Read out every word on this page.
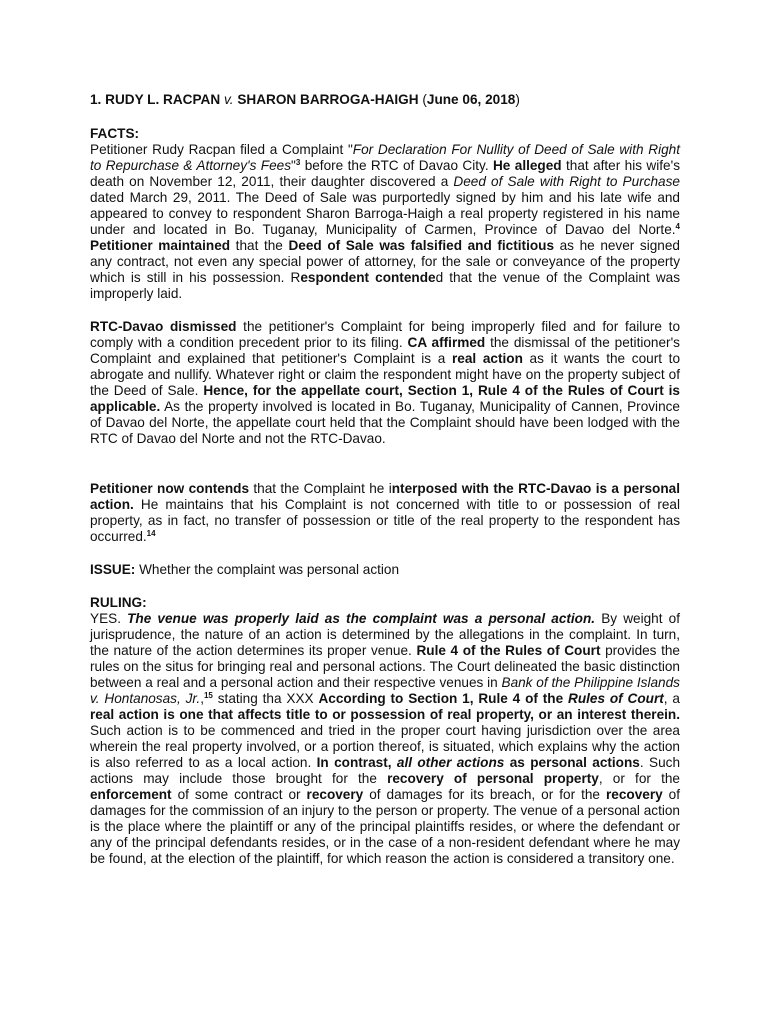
1. RUDY L. RACPAN v. SHARON BARROGA-HAIGH (June 06, 2018)

FACTS:

Petitioner Rudy Racpan filed a Complaint "For Declaration For Nullity of Deed of Sale with Right to Repurchase & Attorney's Fees"$^3$ before the RTC of Davao City. He alleged that after his wife's death on November 12, 2011, their daughter discovered a Deed of Sale with Right to Purchase dated March 29, 2011. The Deed of Sale was purportedly signed by him and his late wife and appeared to convey to respondent Sharon Barroga-Haigh a real property registered in his name under and located in Bo. Tuganay, Municipality of Carmen, Province of Davao del Norte.$^4$ Petitioner maintained that the Deed of Sale was falsified and fictitious as he never signed any contract, not even any special power of attorney, for the sale or conveyance of the property which is still in his possession. Respondent contended that the venue of the Complaint was improperly laid.

RTC-Davao dismissed the petitioner's Complaint for being improperly filed and for failure to comply with a condition precedent prior to its filing. CA affirmed the dismissal of the petitioner's Complaint and explained that petitioner's Complaint is a real action as it wants the court to abrogate and nullify. Whatever right or claim the respondent might have on the property subject of the Deed of Sale. Hence, for the appellate court, Section 1, Rule 4 of the Rules of Court is applicable. As the property involved is located in Bo. Tuganay, Municipality of Cannen, Province of Davao del Norte, the appellate court held that the Complaint should have been lodged with the RTC of Davao del Norte and not the RTC-Davao.

Petitioner now contends that the Complaint he interposed with the RTC-Davao is a personal action. He maintains that his Complaint is not concerned with title to or possession of real property, as in fact, no transfer of possession or title of the real property to the respondent has occurred.$^{14}$

ISSUE: Whether the complaint was personal action

RULING:

YES. The venue was properly laid as the complaint was a personal action. By weight of jurisprudence, the nature of an action is determined by the allegations in the complaint. In turn, the nature of the action determines its proper venue. Rule 4 of the Rules of Court provides the rules on the situs for bringing real and personal actions. The Court delineated the basic distinction between a real and a personal action and their respective venues in Bank of the Philippine Islands v. Hontanosas, Jr.,$^{15}$ stating tha XXX According to Section 1, Rule 4 of the Rules of Court, a real action is one that affects title to or possession of real property, or an interest therein. Such action is to be commenced and tried in the proper court having jurisdiction over the area wherein the real property involved, or a portion thereof, is situated, which explains why the action is also referred to as a local action. In contrast, all other actions as personal actions. Such actions may include those brought for the recovery of personal property, or for the enforcement of some contract or recovery of damages for its breach, or for the recovery of damages for the commission of an injury to the person or property. The venue of a personal action is the place where the plaintiff or any of the principal plaintiffs resides, or where the defendant or any of the principal defendants resides, or in the case of a non-resident defendant where he may be found, at the election of the plaintiff, for which reason the action is considered a transitory one.
